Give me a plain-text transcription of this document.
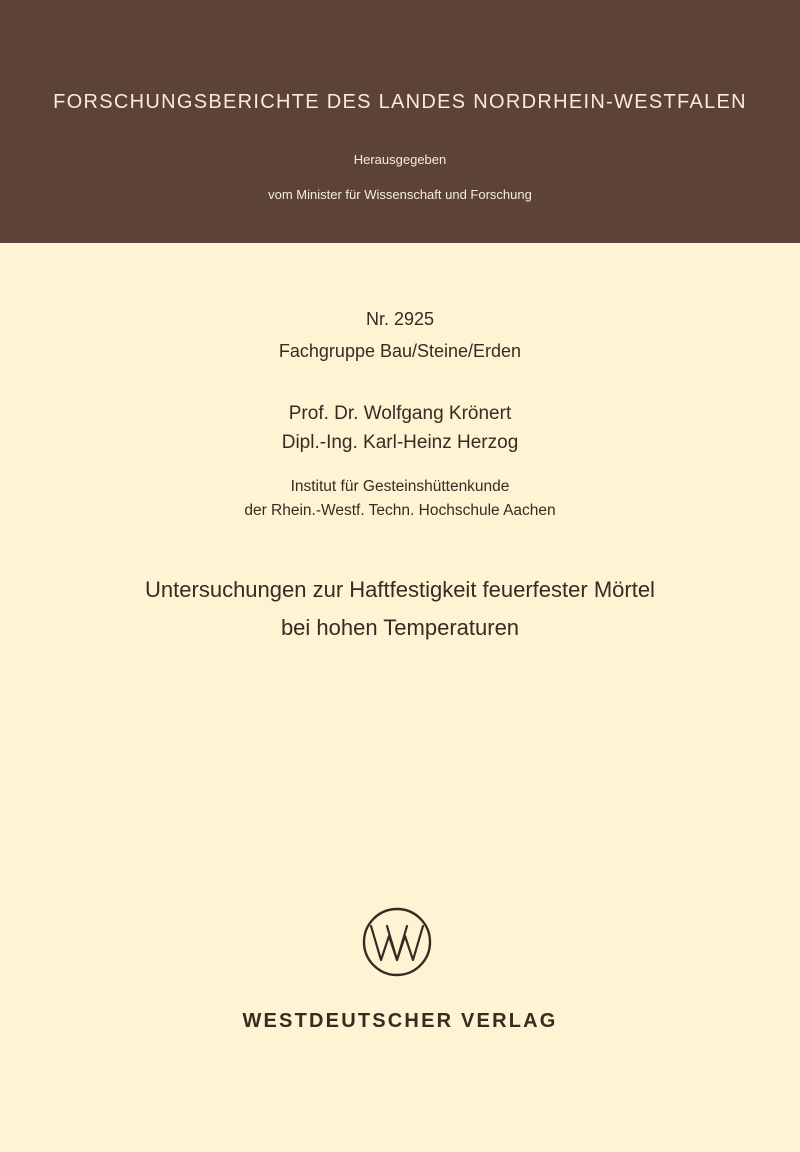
FORSCHUNGSBERICHTE DES LANDES NORDRHEIN-WESTFALEN
Herausgegeben
vom Minister für Wissenschaft und Forschung
Nr. 2925
Fachgruppe Bau/Steine/Erden
Prof. Dr. Wolfgang Krönert
Dipl.-Ing. Karl-Heinz Herzog
Institut für Gesteinshüttenkunde
der Rhein.-Westf. Techn. Hochschule Aachen
Untersuchungen zur Haftfestigkeit feuerfester Mörtel
bei hohen Temperaturen
WESTDEUTSCHER VERLAG
